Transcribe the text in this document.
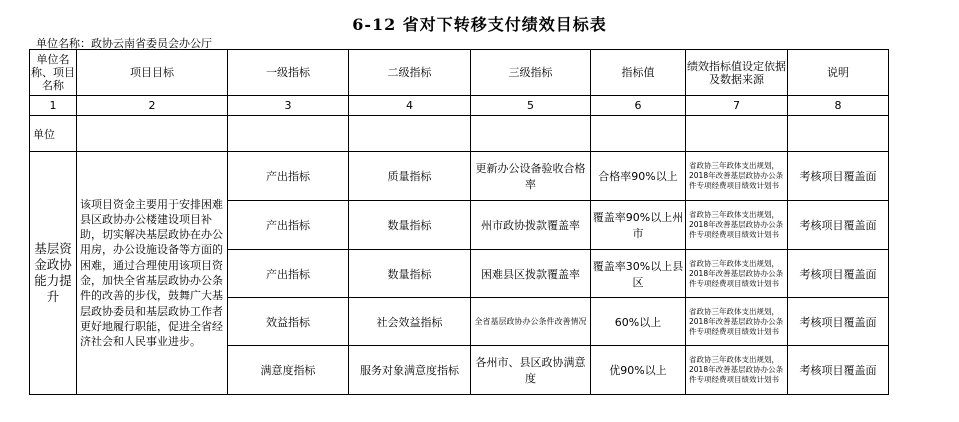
6-12 省对下转移支付绩效目标表
单位名称：政协云南省委员会办公厅
单位名称、项目名称	项目目标	一级指标	二级指标	三级指标	指标值	绩效指标值设定依据及数据来源	说明
1	2	3	4	5	6	7	8
单位							
基层资金政协能力提升	该项目资金主要用于安排困难县区政协办公楼建设项目补助，切实解决基层政协在办公用房，办公设施设备等方面的困难，通过合理使用该项目资金，加快全省基层政协办公条件的改善的步伐，鼓舞广大基层政协委员和基层政协工作者更好地履行职能，促进全省经济社会和人民事业进步。	产出指标	质量指标	更新办公设备验收合格率	合格率90%以上	省政协三年政体支出规划，2018年改善基层政协办公条件专项经费项目绩效计划书	考核项目覆盖面
		产出指标	数量指标	州市政协拨款覆盖率	覆盖率90%以上州市	省政协三年政体支出规划，2018年改善基层政协办公条件专项经费项目绩效计划书	考核项目覆盖面
		产出指标	数量指标	困难县区拨款覆盖率	覆盖率30%以上县区	省政协三年政体支出规划，2018年改善基层政协办公条件专项经费项目绩效计划书	考核项目覆盖面
		效益指标	社会效益指标	全省基层政协办公条件改善情况	60%以上	省政协三年政体支出规划，2018年改善基层政协办公条件专项经费项目绩效计划书	考核项目覆盖面
		满意度指标	服务对象满意度指标	各州市、县区政协满意度	优90%以上	省政协三年政体支出规划，2018年改善基层政协办公条件专项经费项目绩效计划书	考核项目覆盖面
